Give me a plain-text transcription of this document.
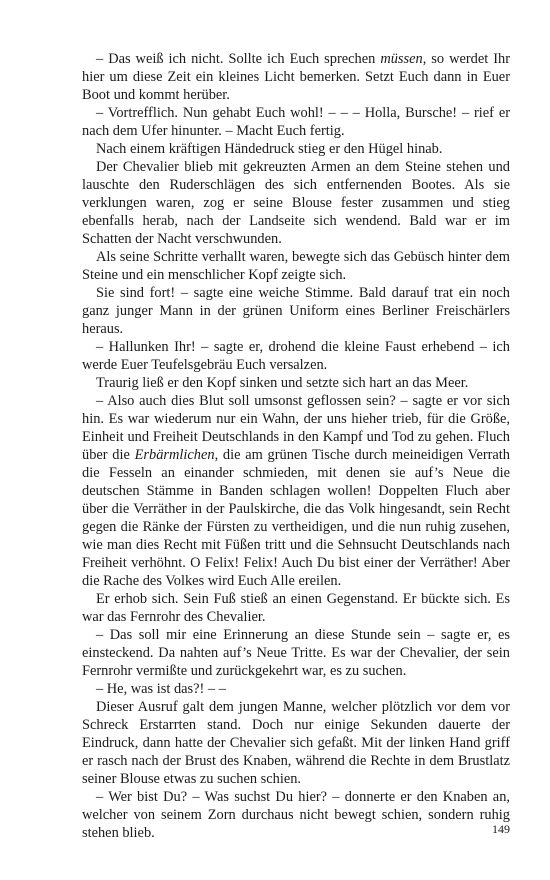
– Das weiß ich nicht. Sollte ich Euch sprechen müssen, so werdet Ihr hier um diese Zeit ein kleines Licht bemerken. Setzt Euch dann in Euer Boot und kommt herüber.

– Vortrefflich. Nun gehabt Euch wohl! – – – Holla, Bursche! – rief er nach dem Ufer hinunter. – Macht Euch fertig.

Nach einem kräftigen Händedruck stieg er den Hügel hinab.

Der Chevalier blieb mit gekreuzten Armen an dem Steine stehen und lauschte den Ruderschlägen des sich entfernenden Bootes. Als sie verklungen waren, zog er seine Blouse fester zusammen und stieg ebenfalls herab, nach der Landseite sich wendend. Bald war er im Schatten der Nacht verschwunden.

Als seine Schritte verhallt waren, bewegte sich das Gebüsch hinter dem Steine und ein menschlicher Kopf zeigte sich.

Sie sind fort! – sagte eine weiche Stimme. Bald darauf trat ein noch ganz junger Mann in der grünen Uniform eines Berliner Freischärlers heraus.

– Hallunken Ihr! – sagte er, drohend die kleine Faust erhebend – ich werde Euer Teufelsgebräu Euch versalzen.

Traurig ließ er den Kopf sinken und setzte sich hart an das Meer.

– Also auch dies Blut soll umsonst geflossen sein? – sagte er vor sich hin. Es war wiederum nur ein Wahn, der uns hieher trieb, für die Größe, Einheit und Freiheit Deutschlands in den Kampf und Tod zu gehen. Fluch über die Erbärmlichen, die am grünen Tische durch meineidigen Verrath die Fesseln an einander schmieden, mit denen sie auf’s Neue die deutschen Stämme in Banden schlagen wollen! Doppelten Fluch aber über die Verräther in der Paulskirche, die das Volk hingesandt, sein Recht gegen die Ränke der Fürsten zu vertheidigen, und die nun ruhig zusehen, wie man dies Recht mit Füßen tritt und die Sehnsucht Deutschlands nach Freiheit verhöhnt. O Felix! Felix! Auch Du bist einer der Verräther! Aber die Rache des Volkes wird Euch Alle ereilen.

Er erhob sich. Sein Fuß stieß an einen Gegenstand. Er bückte sich. Es war das Fernrohr des Chevalier.

– Das soll mir eine Erinnerung an diese Stunde sein – sagte er, es einsteckend. Da nahten auf’s Neue Tritte. Es war der Chevalier, der sein Fernrohr vermißte und zurückgekehrt war, es zu suchen.

– He, was ist das?! – –

Dieser Ausruf galt dem jungen Manne, welcher plötzlich vor dem vor Schreck Erstarrten stand. Doch nur einige Sekunden dauerte der Eindruck, dann hatte der Chevalier sich gefaßt. Mit der linken Hand griff er rasch nach der Brust des Knaben, während die Rechte in dem Brustlatz seiner Blouse etwas zu suchen schien.

– Wer bist Du? – Was suchst Du hier? – donnerte er den Knaben an, welcher von seinem Zorn durchaus nicht bewegt schien, sondern ruhig stehen blieb.	149
